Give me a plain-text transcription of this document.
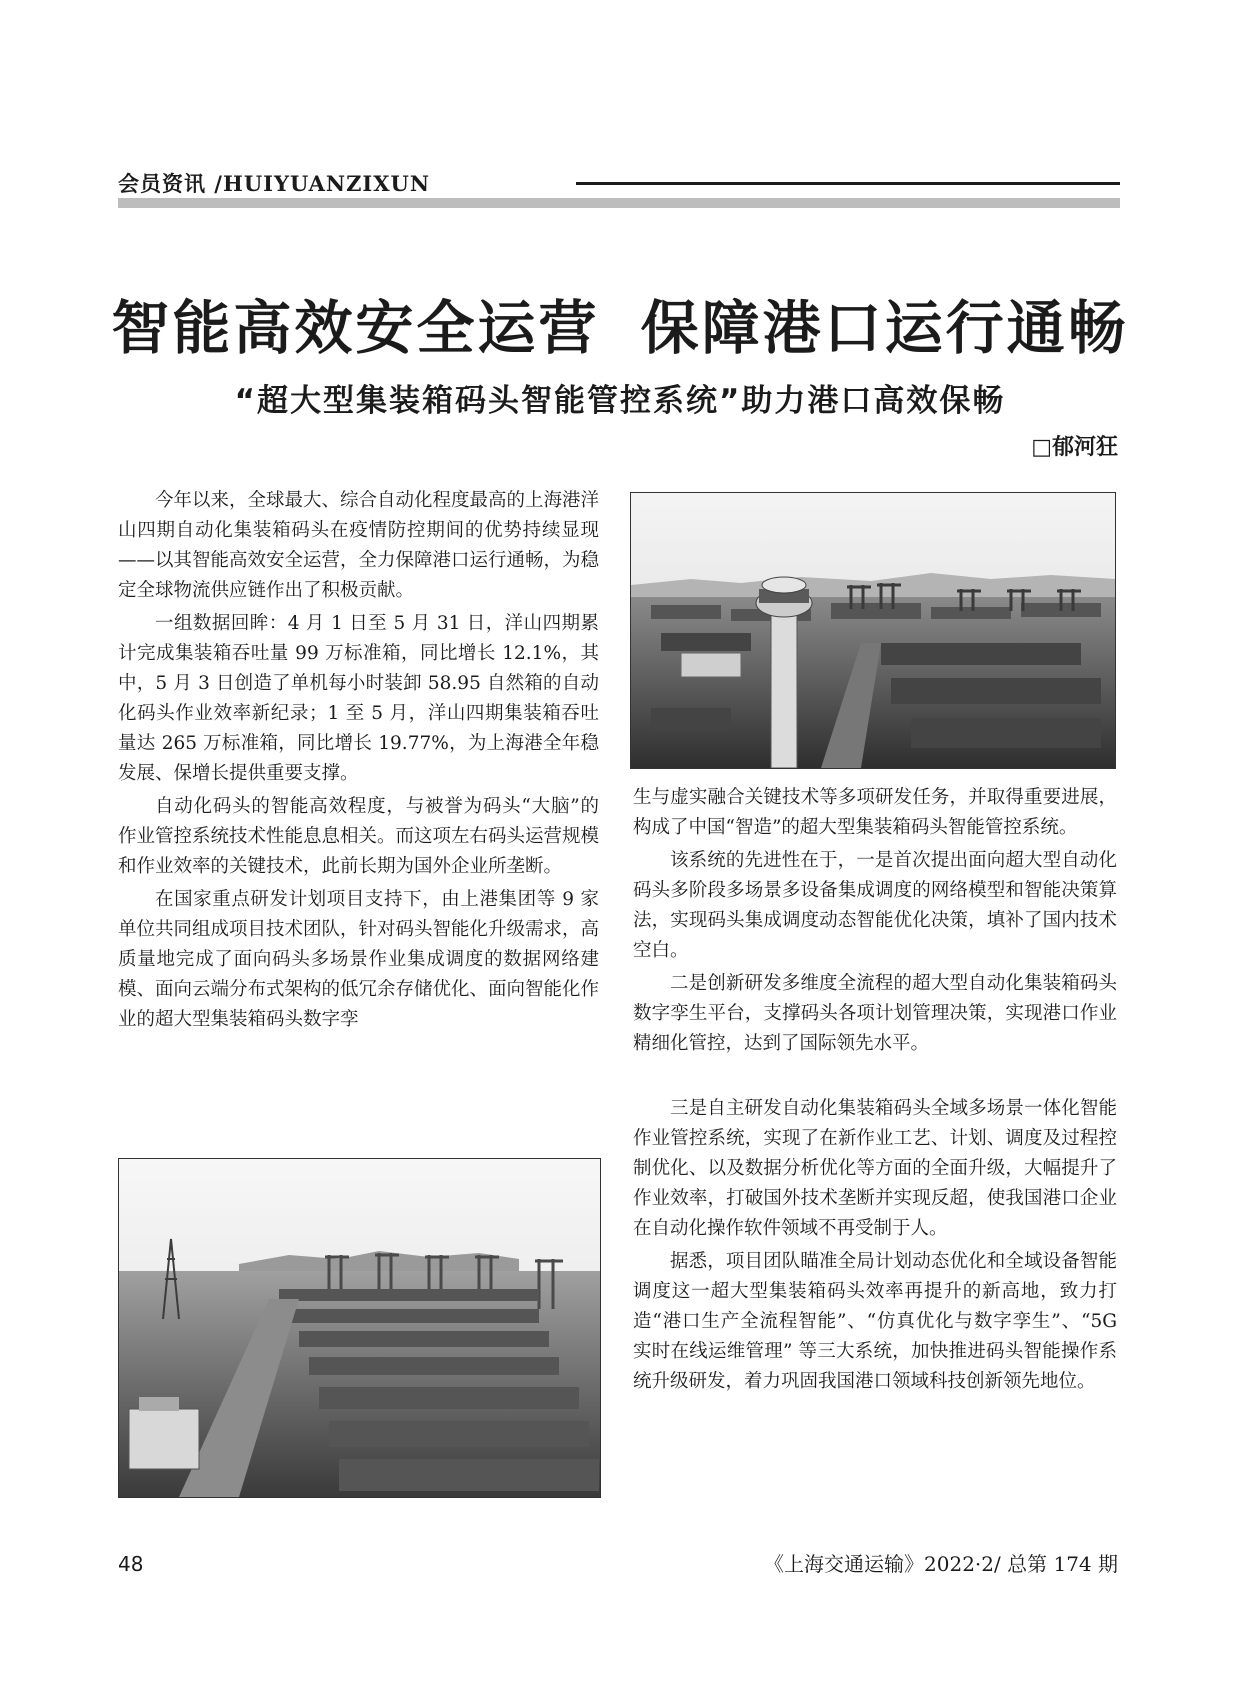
会员资讯 /HUIYUANZIXUN
智能高效安全运营 保障港口运行通畅
“超大型集装箱码头智能管控系统”助力港口高效保畅
□郁河狂

今年以来，全球最大、综合自动化程度最高的上海港洋山四期自动化集装箱码头在疫情防控期间的优势持续显现——以其智能高效安全运营，全力保障港口运行通畅，为稳定全球物流供应链作出了积极贡献。

一组数据回眸：4 月 1 日至 5 月 31 日，洋山四期累计完成集装箱吞吐量 99 万标准箱，同比增长 12.1%，其中，5 月 3 日创造了单机每小时装卸 58.95 自然箱的自动化码头作业效率新纪录；1 至 5 月，洋山四期集装箱吞吐量达 265 万标准箱，同比增长 19.77%，为上海港全年稳发展、保增长提供重要支撑。

自动化码头的智能高效程度，与被誉为码头“大脑”的作业管控系统技术性能息息相关。而这项左右码头运营规模和作业效率的关键技术，此前长期为国外企业所垄断。

在国家重点研发计划项目支持下，由上港集团等 9 家单位共同组成项目技术团队，针对码头智能化升级需求，高质量地完成了面向码头多场景作业集成调度的数据网络建模、面向云端分布式架构的低冗余存储优化、面向智能化作业的超大型集装箱码头数字孪

生与虚实融合关键技术等多项研发任务，并取得重要进展，构成了中国“智造”的超大型集装箱码头智能管控系统。

该系统的先进性在于，一是首次提出面向超大型自动化码头多阶段多场景多设备集成调度的网络模型和智能决策算法，实现码头集成调度动态智能优化决策，填补了国内技术空白。

二是创新研发多维度全流程的超大型自动化集装箱码头数字孪生平台，支撑码头各项计划管理决策，实现港口作业精细化管控，达到了国际领先水平。

三是自主研发自动化集装箱码头全域多场景一体化智能作业管控系统，实现了在新作业工艺、计划、调度及过程控制优化、以及数据分析优化等方面的全面升级，大幅提升了作业效率，打破国外技术垄断并实现反超，使我国港口企业在自动化操作软件领域不再受制于人。

据悉，项目团队瞄准全局计划动态优化和全域设备智能调度这一超大型集装箱码头效率再提升的新高地，致力打造“港口生产全流程智能”、“仿真优化与数字孪生”、“5G 实时在线运维管理” 等三大系统，加快推进码头智能操作系统升级研发，着力巩固我国港口领域科技创新领先地位。

48	《上海交通运输》2022·2/ 总第 174 期
